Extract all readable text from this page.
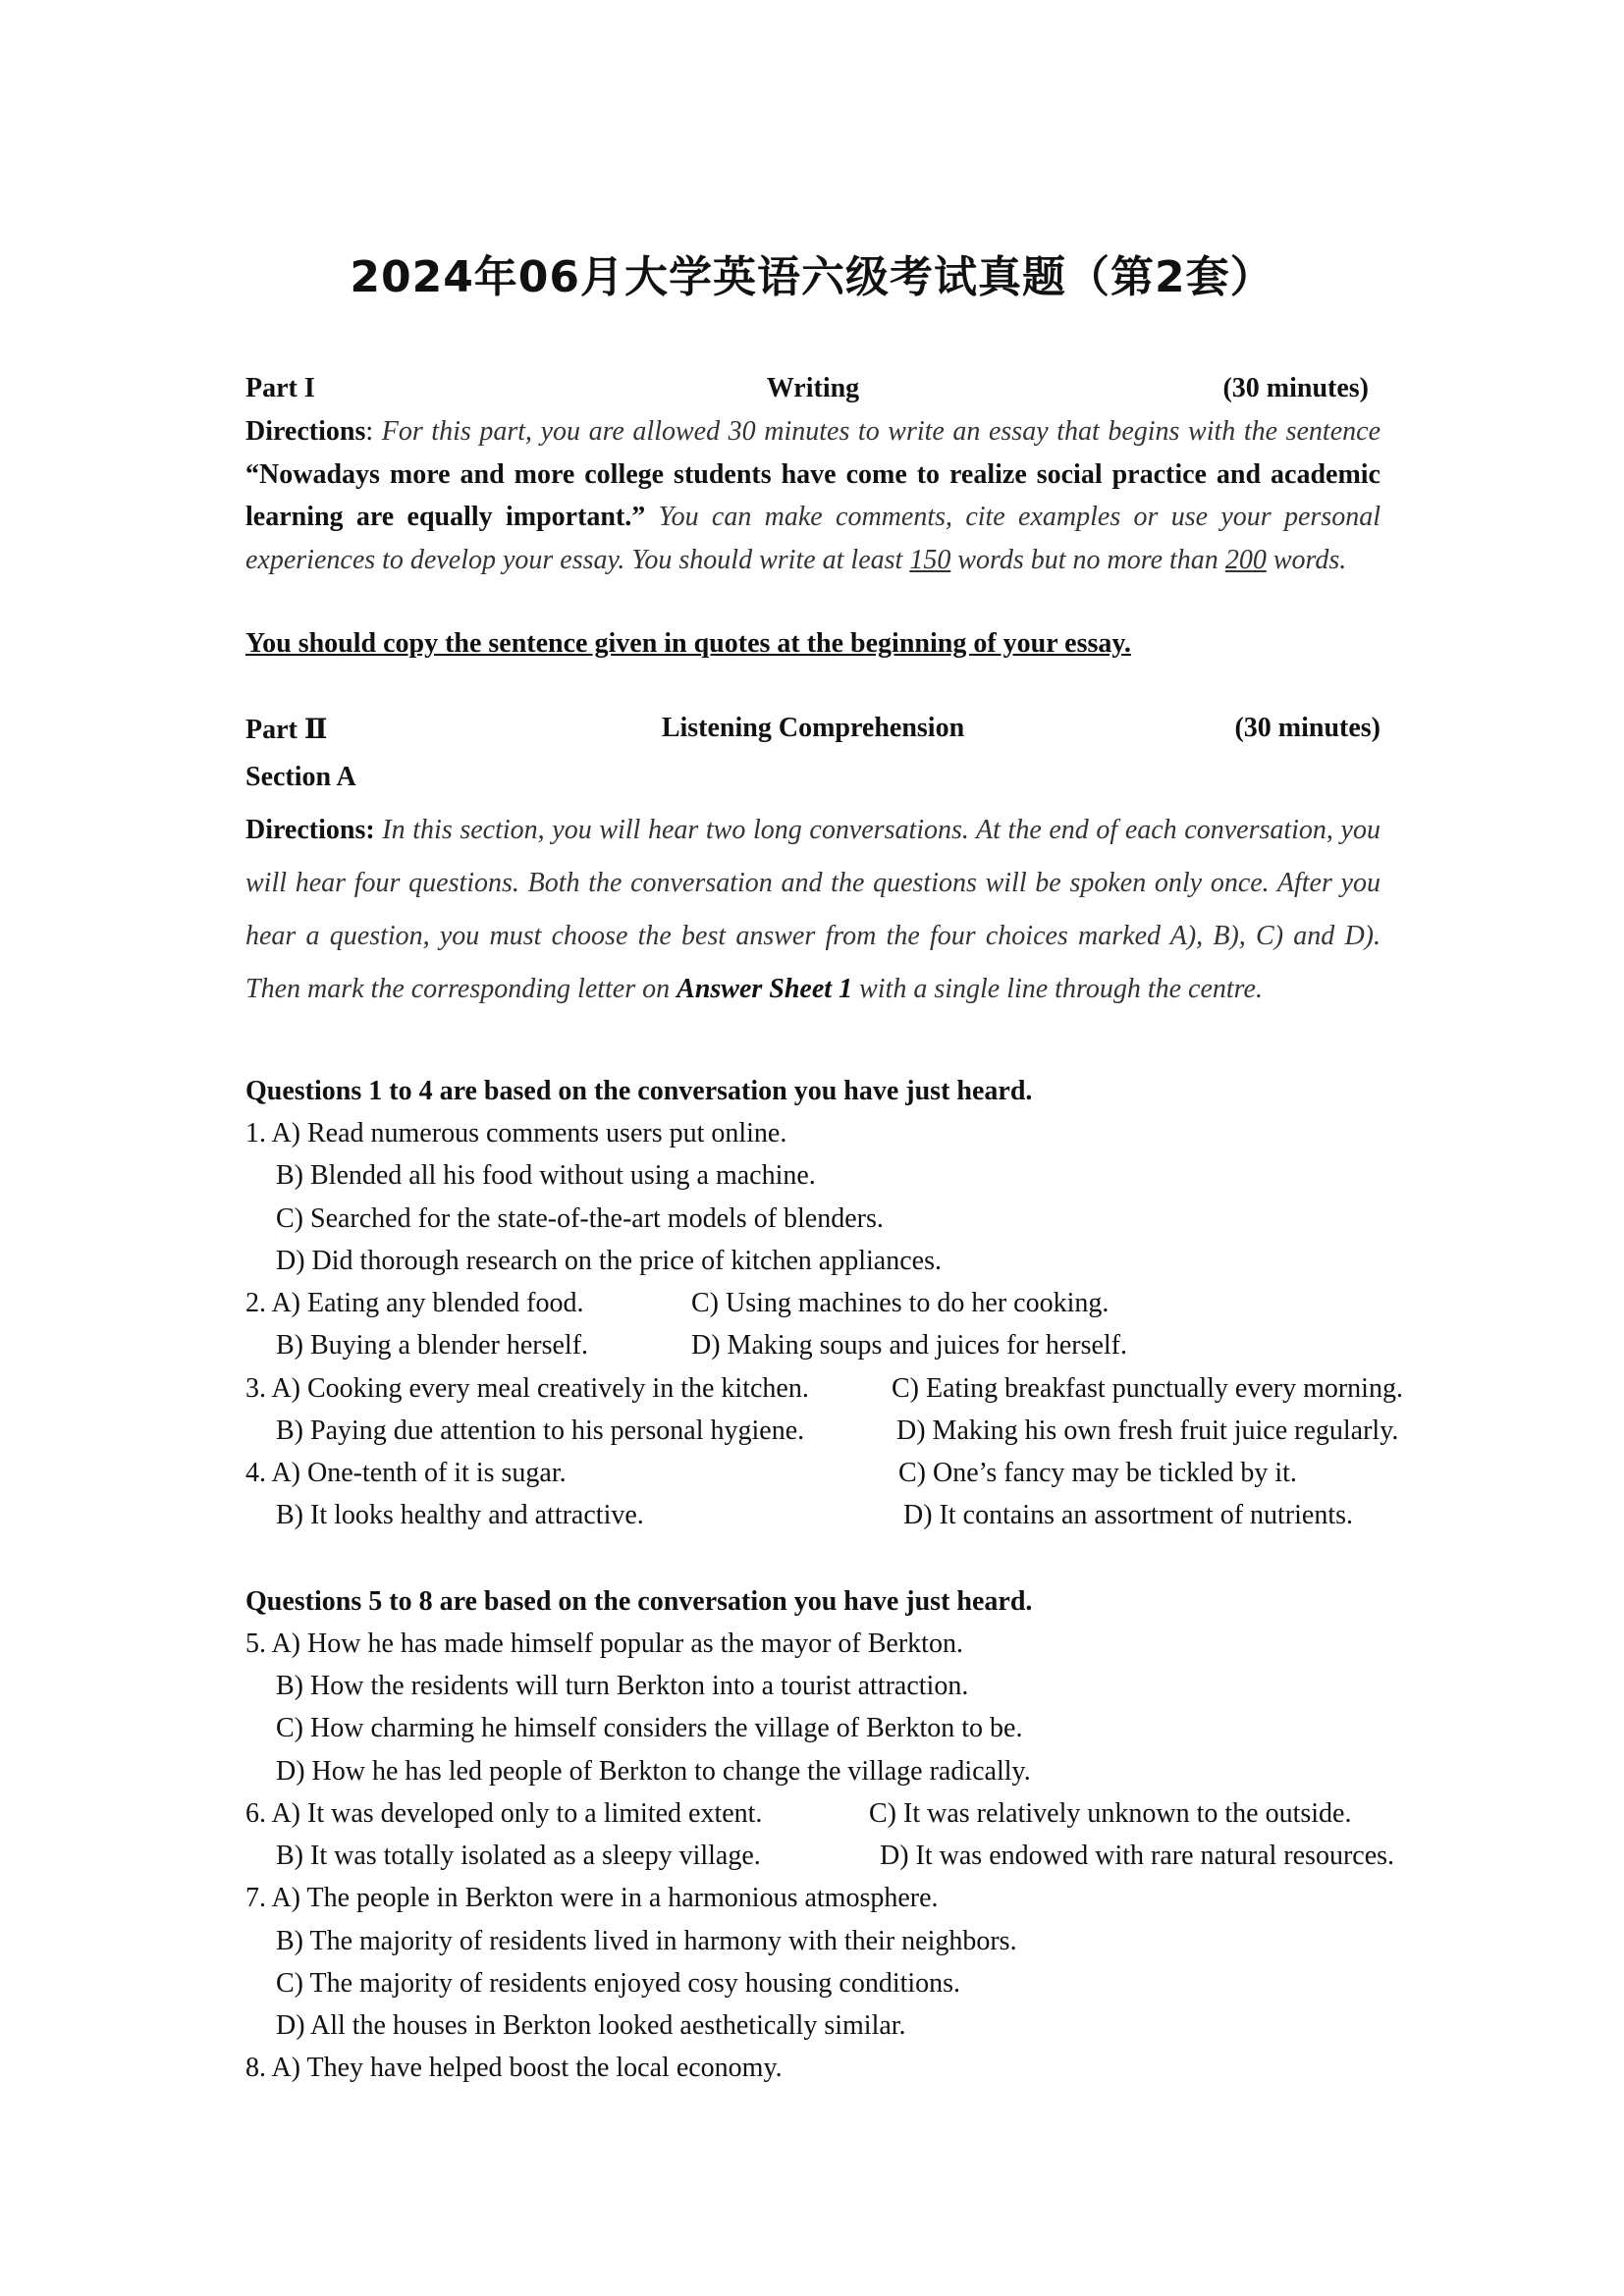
2024年06月大学英语六级考试真题（第2套）
Part I	Writing	(30 minutes)
Directions: For this part, you are allowed 30 minutes to write an essay that begins with the sentence “Nowadays more and more college students have come to realize social practice and academic learning are equally important.” You can make comments, cite examples or use your personal experiences to develop your essay. You should write at least 150 words but no more than 200 words.
You should copy the sentence given in quotes at the beginning of your essay.
Part Ⅱ	Listening Comprehension	(30 minutes)
Section A
Directions: In this section, you will hear two long conversations. At the end of each conversation, you will hear four questions. Both the conversation and the questions will be spoken only once. After you hear a question, you must choose the best answer from the four choices marked A), B), C) and D). Then mark the corresponding letter on Answer Sheet 1 with a single line through the centre.
Questions 1 to 4 are based on the conversation you have just heard.
1. A) Read numerous comments users put online.
B) Blended all his food without using a machine.
C) Searched for the state-of-the-art models of blenders.
D) Did thorough research on the price of kitchen appliances.
2. A) Eating any blended food.	C) Using machines to do her cooking.
B) Buying a blender herself.	D) Making soups and juices for herself.
3. A) Cooking every meal creatively in the kitchen.	C) Eating breakfast punctually every morning.
B) Paying due attention to his personal hygiene.	D) Making his own fresh fruit juice regularly.
4. A) One-tenth of it is sugar.	C) One’s fancy may be tickled by it.
B) It looks healthy and attractive.	D) It contains an assortment of nutrients.
Questions 5 to 8 are based on the conversation you have just heard.
5. A) How he has made himself popular as the mayor of Berkton.
B) How the residents will turn Berkton into a tourist attraction.
C) How charming he himself considers the village of Berkton to be.
D) How he has led people of Berkton to change the village radically.
6. A) It was developed only to a limited extent.	C) It was relatively unknown to the outside.
B) It was totally isolated as a sleepy village.	D) It was endowed with rare natural resources.
7. A) The people in Berkton were in a harmonious atmosphere.
B) The majority of residents lived in harmony with their neighbors.
C) The majority of residents enjoyed cosy housing conditions.
D) All the houses in Berkton looked aesthetically similar.
8. A) They have helped boost the local economy.
